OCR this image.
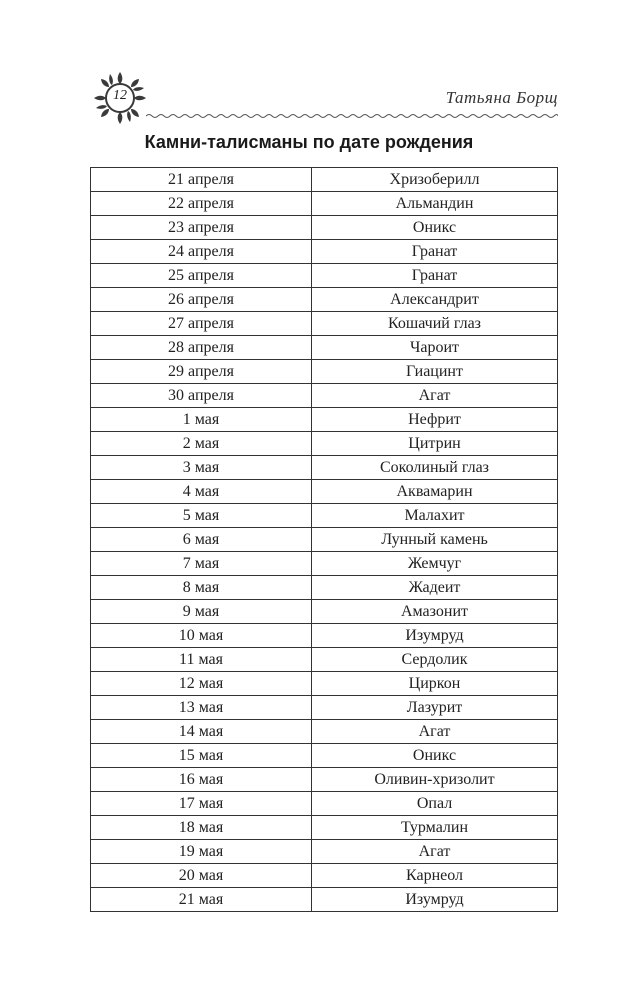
12	Татьяна Борщ
Камни-талисманы по дате рождения
21 апреля	Хризоберилл
22 апреля	Альмандин
23 апреля	Оникс
24 апреля	Гранат
25 апреля	Гранат
26 апреля	Александрит
27 апреля	Кошачий глаз
28 апреля	Чароит
29 апреля	Гиацинт
30 апреля	Агат
1 мая	Нефрит
2 мая	Цитрин
3 мая	Соколиный глаз
4 мая	Аквамарин
5 мая	Малахит
6 мая	Лунный камень
7 мая	Жемчуг
8 мая	Жадеит
9 мая	Амазонит
10 мая	Изумруд
11 мая	Сердолик
12 мая	Циркон
13 мая	Лазурит
14 мая	Агат
15 мая	Оникс
16 мая	Оливин-хризолит
17 мая	Опал
18 мая	Турмалин
19 мая	Агат
20 мая	Карнеол
21 мая	Изумруд
